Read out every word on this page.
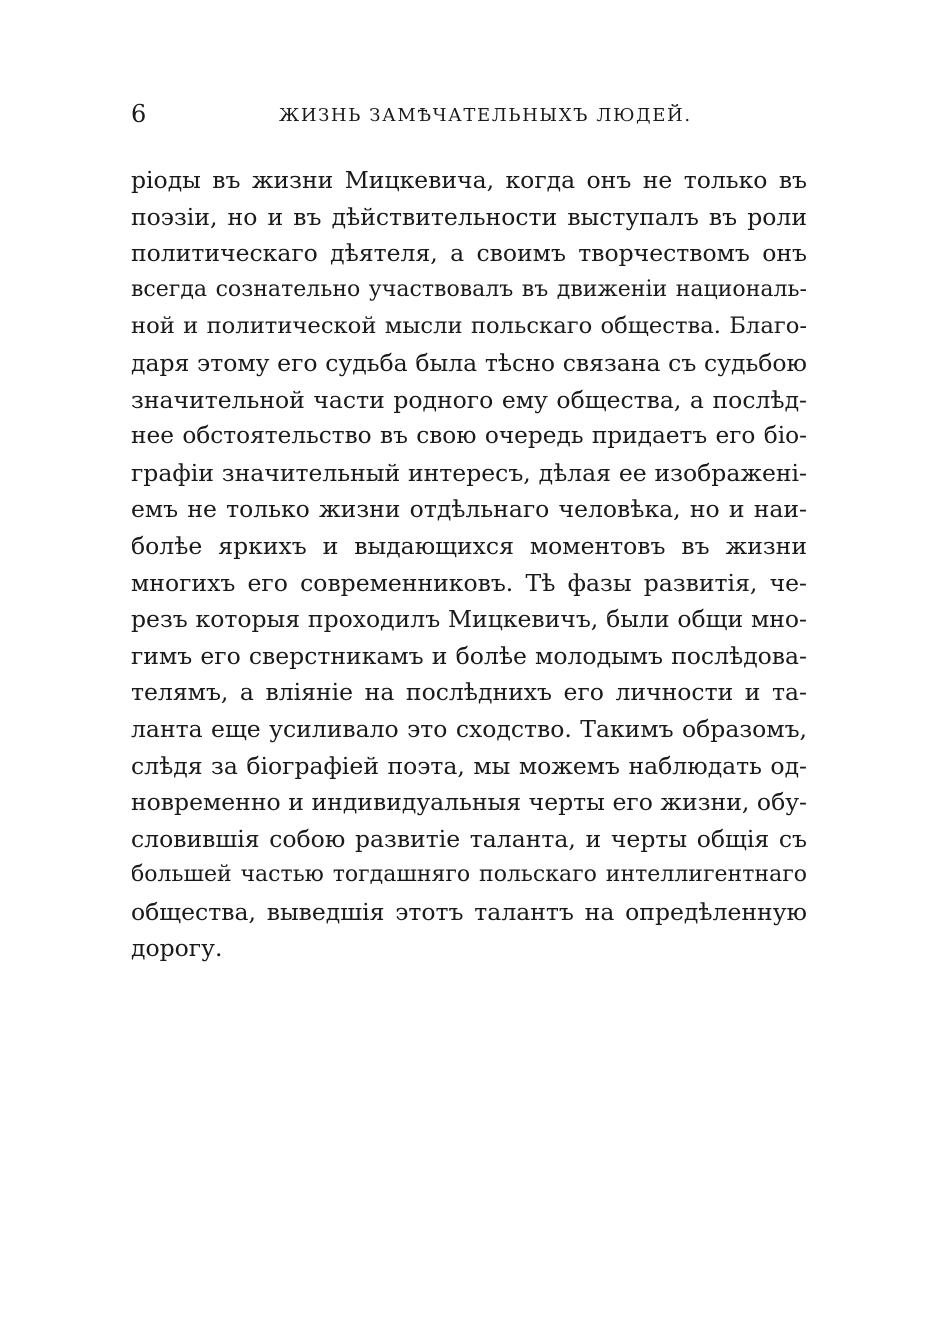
6	ЖИЗНЬ ЗАМѢЧАТЕЛЬНЫХЪ ЛЮДЕЙ.
ріоды въ жизни Мицкевича, когда онъ не только въ
поэзіи, но и въ дѣйствительности выступалъ въ роли
политическаго дѣятеля, а своимъ творчествомъ онъ
всегда сознательно участвовалъ въ движеніи националь-
ной и политической мысли польскаго общества. Благо-
даря этому его судьба была тѣсно связана съ судьбою
значительной части родного ему общества, а послѣд-
нее обстоятельство въ свою очередь придаетъ его біо-
графіи значительный интересъ, дѣлая ее изображені-
емъ не только жизни отдѣльнаго человѣка, но и наи-
болѣе яркихъ и выдающихся моментовъ въ жизни
многихъ его современниковъ. Тѣ фазы развитія, че-
резъ которыя проходилъ Мицкевичъ, были общи мно-
гимъ его сверстникамъ и болѣе молодымъ послѣдова-
телямъ, а вліяніе на послѣднихъ его личности и та-
ланта еще усиливало это сходство. Такимъ образомъ,
слѣдя за біографіей поэта, мы можемъ наблюдать од-
новременно и индивидуальныя черты его жизни, обу-
словившія собою развитіе таланта, и черты общія съ
большей частью тогдашняго польскаго интеллигентнаго
общества, выведшія этотъ талантъ на опредѣленную
дорогу.
